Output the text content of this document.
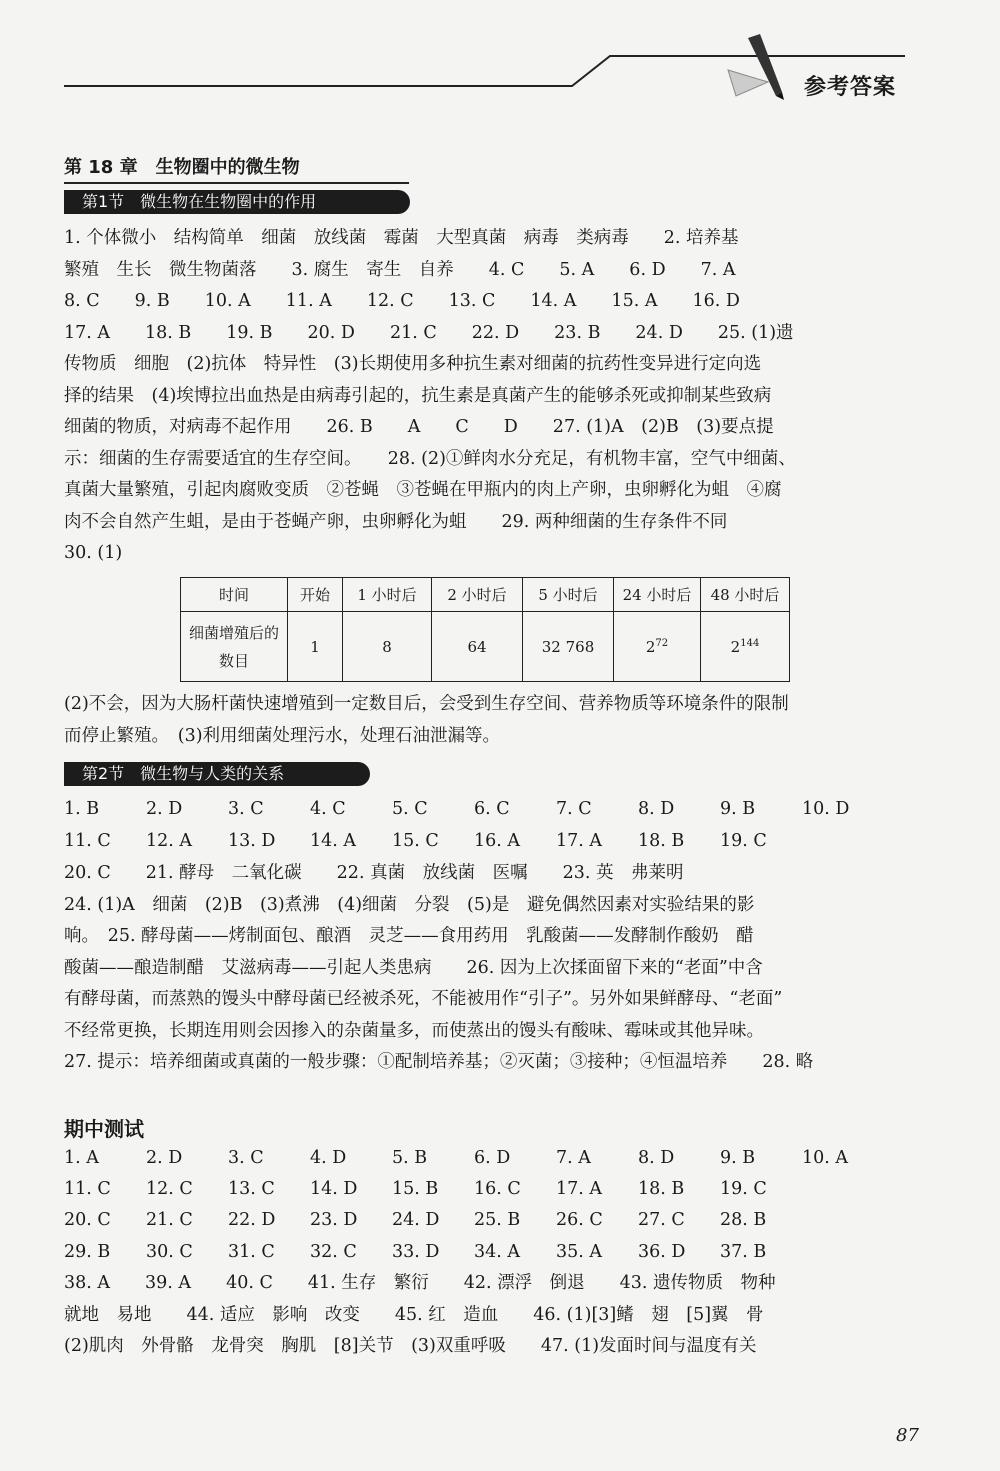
参考答案
第 18 章　生物圈中的微生物
第1节　微生物在生物圈中的作用
1. 个体微小　结构简单　细菌　放线菌　霉菌　大型真菌　病毒　类病毒　　2. 培养基
繁殖　生长　微生物菌落　　3. 腐生　寄生　自养　　4. C　　5. A　　6. D　　7. A
8. C　　9. B　　10. A　　11. A　　12. C　　13. C　　14. A　　15. A　　16. D
17. A　　18. B　　19. B　　20. D　　21. C　　22. D　　23. B　　24. D　　25. (1)遗
传物质　细胞　(2)抗体　特异性　(3)长期使用多种抗生素对细菌的抗药性变异进行定向选
择的结果　(4)埃博拉出血热是由病毒引起的，抗生素是真菌产生的能够杀死或抑制某些致病
细菌的物质，对病毒不起作用　　26. B　　A　　C　　D　　27. (1)A　(2)B　(3)要点提
示：细菌的生存需要适宜的生存空间。　　28. (2)①鲜肉水分充足，有机物丰富，空气中细菌、
真菌大量繁殖，引起肉腐败变质　②苍蝇　③苍蝇在甲瓶内的肉上产卵，虫卵孵化为蛆　④腐
肉不会自然产生蛆，是由于苍蝇产卵，虫卵孵化为蛆　　29. 两种细菌的生存条件不同
30. (1)
时间	开始	1 小时后	2 小时后	5 小时后	24 小时后	48 小时后
细菌增殖后的数目	1	8	64	32 768	$2^{72}$	$2^{144}$
(2)不会，因为大肠杆菌快速增殖到一定数目后，会受到生存空间、营养物质等环境条件的限制
而停止繁殖。　(3)利用细菌处理污水，处理石油泄漏等。
第2节　微生物与人类的关系
1. B	2. D	3. C	4. C	5. C	6. C	7. C	8. D	9. B	10. D
11. C 12. A 13. D 14. A 15. C 16. A 17. A 18. B 19. C
20. C　　21. 酵母　二氧化碳　　22. 真菌　放线菌　医嘱　　23. 英　弗莱明
24. (1)A　细菌　(2)B　(3)煮沸　(4)细菌　分裂　(5)是　避免偶然因素对实验结果的影
响。　25. 酵母菌——烤制面包、酿酒　灵芝——食用药用　乳酸菌——发酵制作酸奶　醋
酸菌——酿造制醋　艾滋病毒——引起人类患病　　26. 因为上次揉面留下来的“老面”中含
有酵母菌，而蒸熟的馒头中酵母菌已经被杀死，不能被用作“引子”。另外如果鲜酵母、“老面”
不经常更换，长期连用则会因掺入的杂菌量多，而使蒸出的馒头有酸味、霉味或其他异味。
27. 提示：培养细菌或真菌的一般步骤：①配制培养基；②灭菌；③接种；④恒温培养　　28. 略
期中测试
1. A	2. D	3. C	4. D	5. B	6. D	7. A	8. D	9. B	10. A
11. C 12. C 13. C 14. D 15. B 16. C 17. A 18. B 19. C
20. C 21. C 22. D 23. D 24. D 25. B 26. C 27. C 28. B
29. B 30. C 31. C 32. C 33. D 34. A 35. A 36. D 37. B
38. A　　39. A　　40. C　　41. 生存　繁衍　　42. 漂浮　倒退　　43. 遗传物质　物种
就地　易地　　44. 适应　影响　改变　　45. 红　造血　　46. (1)[3]鳍　翅　[5]翼　骨
(2)肌肉　外骨骼　龙骨突　胸肌　[8]关节　(3)双重呼吸　　47. (1)发面时间与温度有关
87
